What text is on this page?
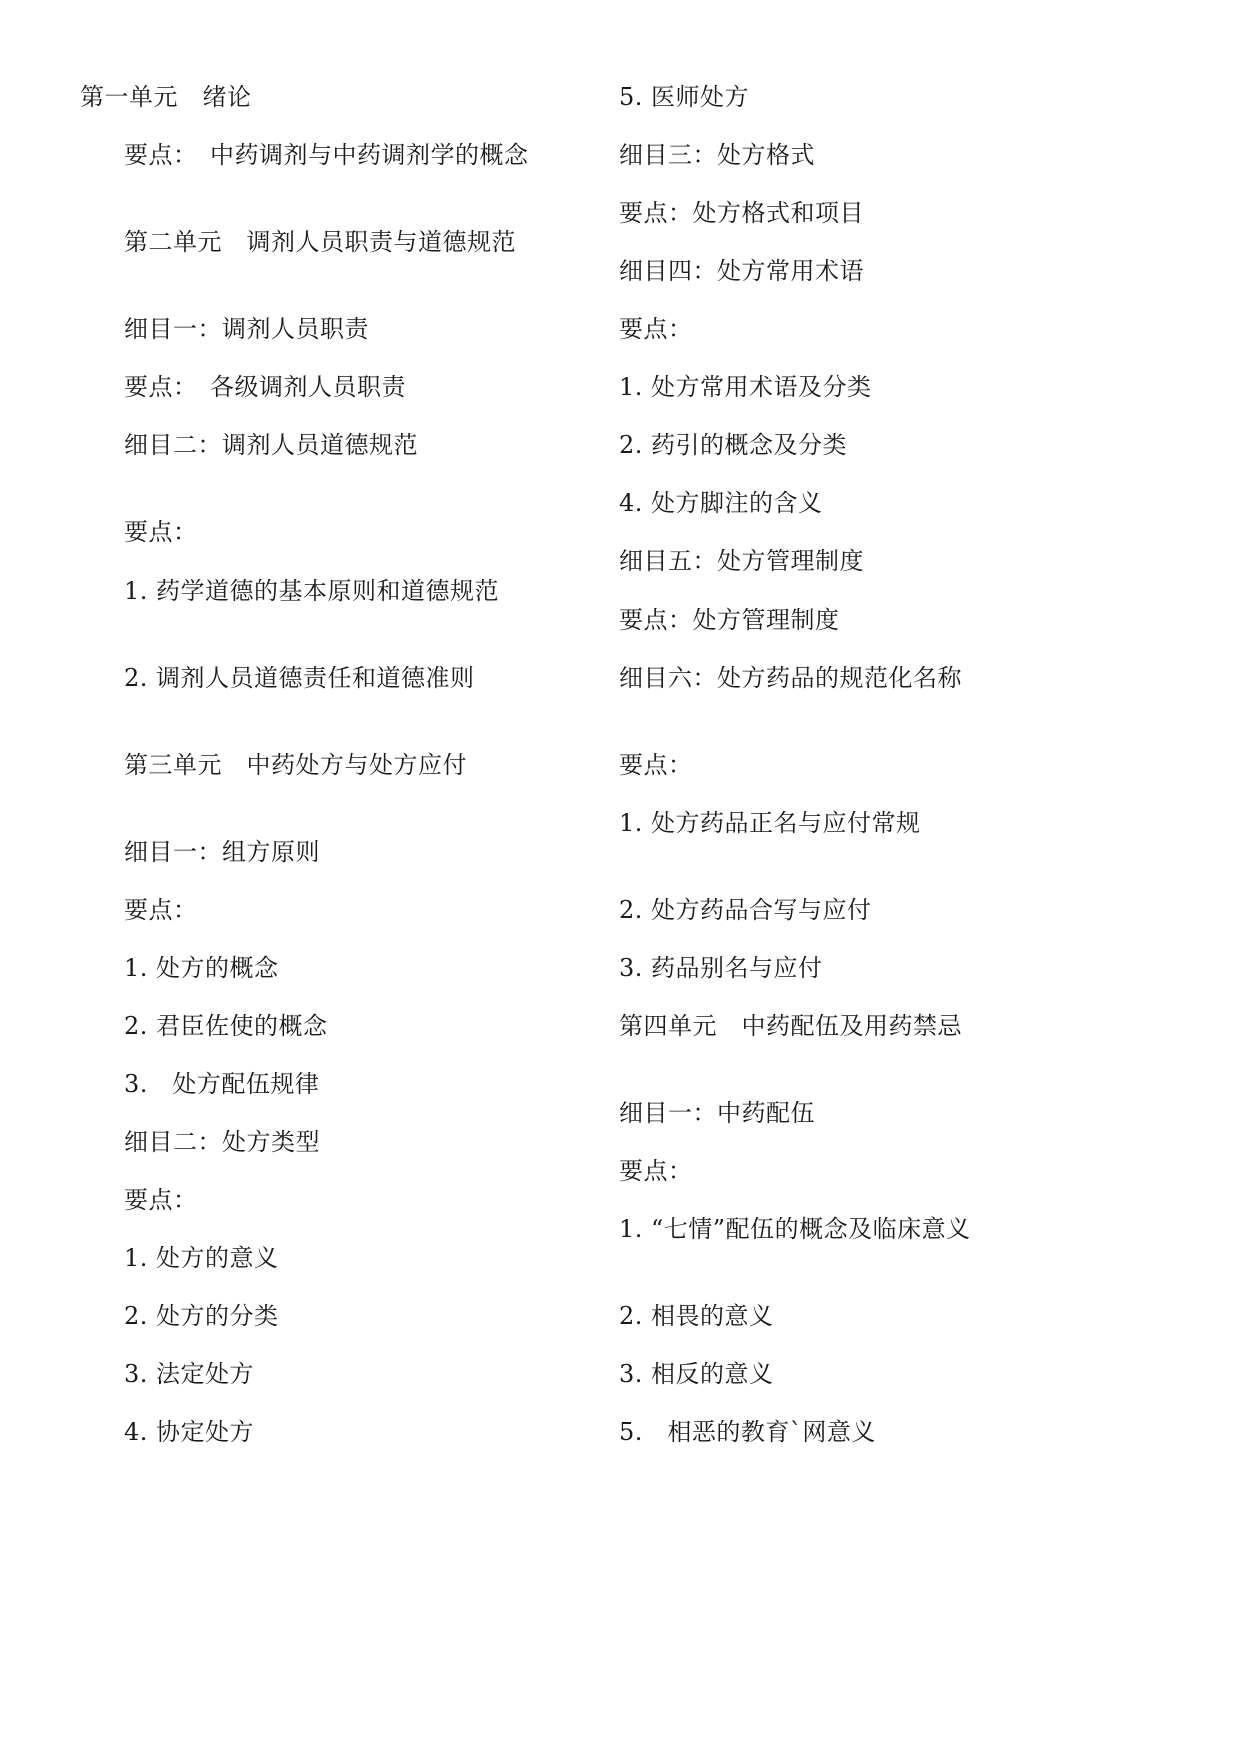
第一单元　绪论
要点：　中药调剂与中药调剂学的概念
第二单元　调剂人员职责与道德规范
细目一：调剂人员职责
要点：　各级调剂人员职责
细目二：调剂人员道德规范
要点：
1. 药学道德的基本原则和道德规范
2. 调剂人员道德责任和道德准则
第三单元　中药处方与处方应付
细目一：组方原则
要点：
1. 处方的概念
2. 君臣佐使的概念
3.　处方配伍规律
细目二：处方类型
要点：
1. 处方的意义
2. 处方的分类
3. 法定处方
4. 协定处方
5. 医师处方
细目三：处方格式
要点：处方格式和项目
细目四：处方常用术语
要点：
1. 处方常用术语及分类
2. 药引的概念及分类
4. 处方脚注的含义
细目五：处方管理制度
要点：处方管理制度
细目六：处方药品的规范化名称
要点：
1. 处方药品正名与应付常规
2. 处方药品合写与应付
3. 药品别名与应付
第四单元　中药配伍及用药禁忌
细目一：中药配伍
要点：
1. “七情”配伍的概念及临床意义
2. 相畏的意义
3. 相反的意义
5.　相恶的教育`网意义
